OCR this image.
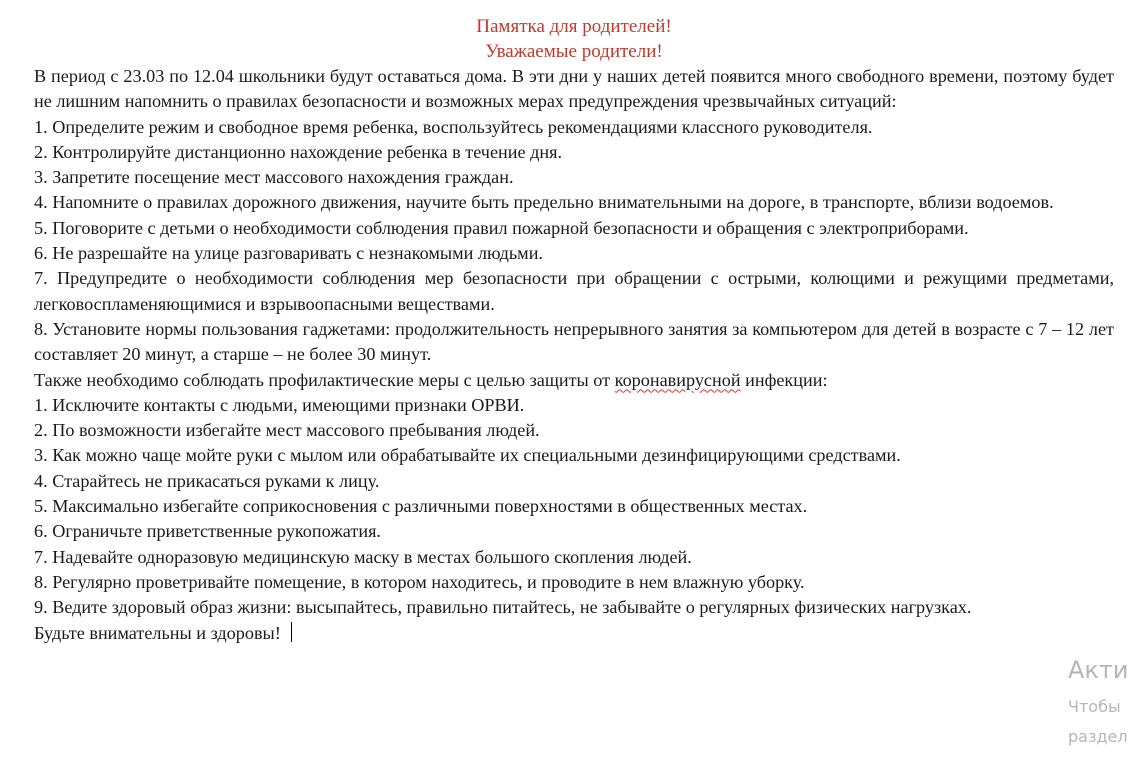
Памятка для родителей!
Уважаемые родители!

В период с 23.03 по 12.04 школьники будут оставаться дома. В эти дни у наших детей появится много свободного времени, поэтому будет не лишним напомнить о правилах безопасности и возможных мерах предупреждения чрезвычайных ситуаций:

1. Определите режим и свободное время ребенка, воспользуйтесь рекомендациями классного руководителя.
2. Контролируйте дистанционно нахождение ребенка в течение дня.
3. Запретите посещение мест массового нахождения граждан.
4. Напомните о правилах дорожного движения, научите быть предельно внимательными на дороге, в транспорте, вблизи водоемов.
5. Поговорите с детьми о необходимости соблюдения правил пожарной безопасности и обращения с электроприборами.
6. Не разрешайте на улице разговаривать с незнакомыми людьми.
7. Предупредите о необходимости соблюдения мер безопасности при обращении с острыми, колющими и режущими предметами, легковоспламеняющимися и взрывоопасными веществами.
8. Установите нормы пользования гаджетами: продолжительность непрерывного занятия за компьютером для детей в возрасте с 7 – 12 лет составляет 20 минут, а старше – не более 30 минут.

Также необходимо соблюдать профилактические меры с целью защиты от коронавирусной инфекции:

1. Исключите контакты с людьми, имеющими признаки ОРВИ.
2. По возможности избегайте мест массового пребывания людей.
3. Как можно чаще мойте руки с мылом или обрабатывайте их специальными дезинфицирующими средствами.
4. Старайтесь не прикасаться руками к лицу.
5. Максимально избегайте соприкосновения с различными поверхностями в общественных местах.
6. Ограничьте приветственные рукопожатия.
7. Надевайте одноразовую медицинскую маску в местах большого скопления людей.
8. Регулярно проветривайте помещение, в котором находитесь, и проводите в нем влажную уборку.
9. Ведите здоровый образ жизни: высыпайтесь, правильно питайтесь, не забывайте о регулярных физических нагрузках.

Будьте внимательны и здоровы!

Акти
Чтобы
раздел
